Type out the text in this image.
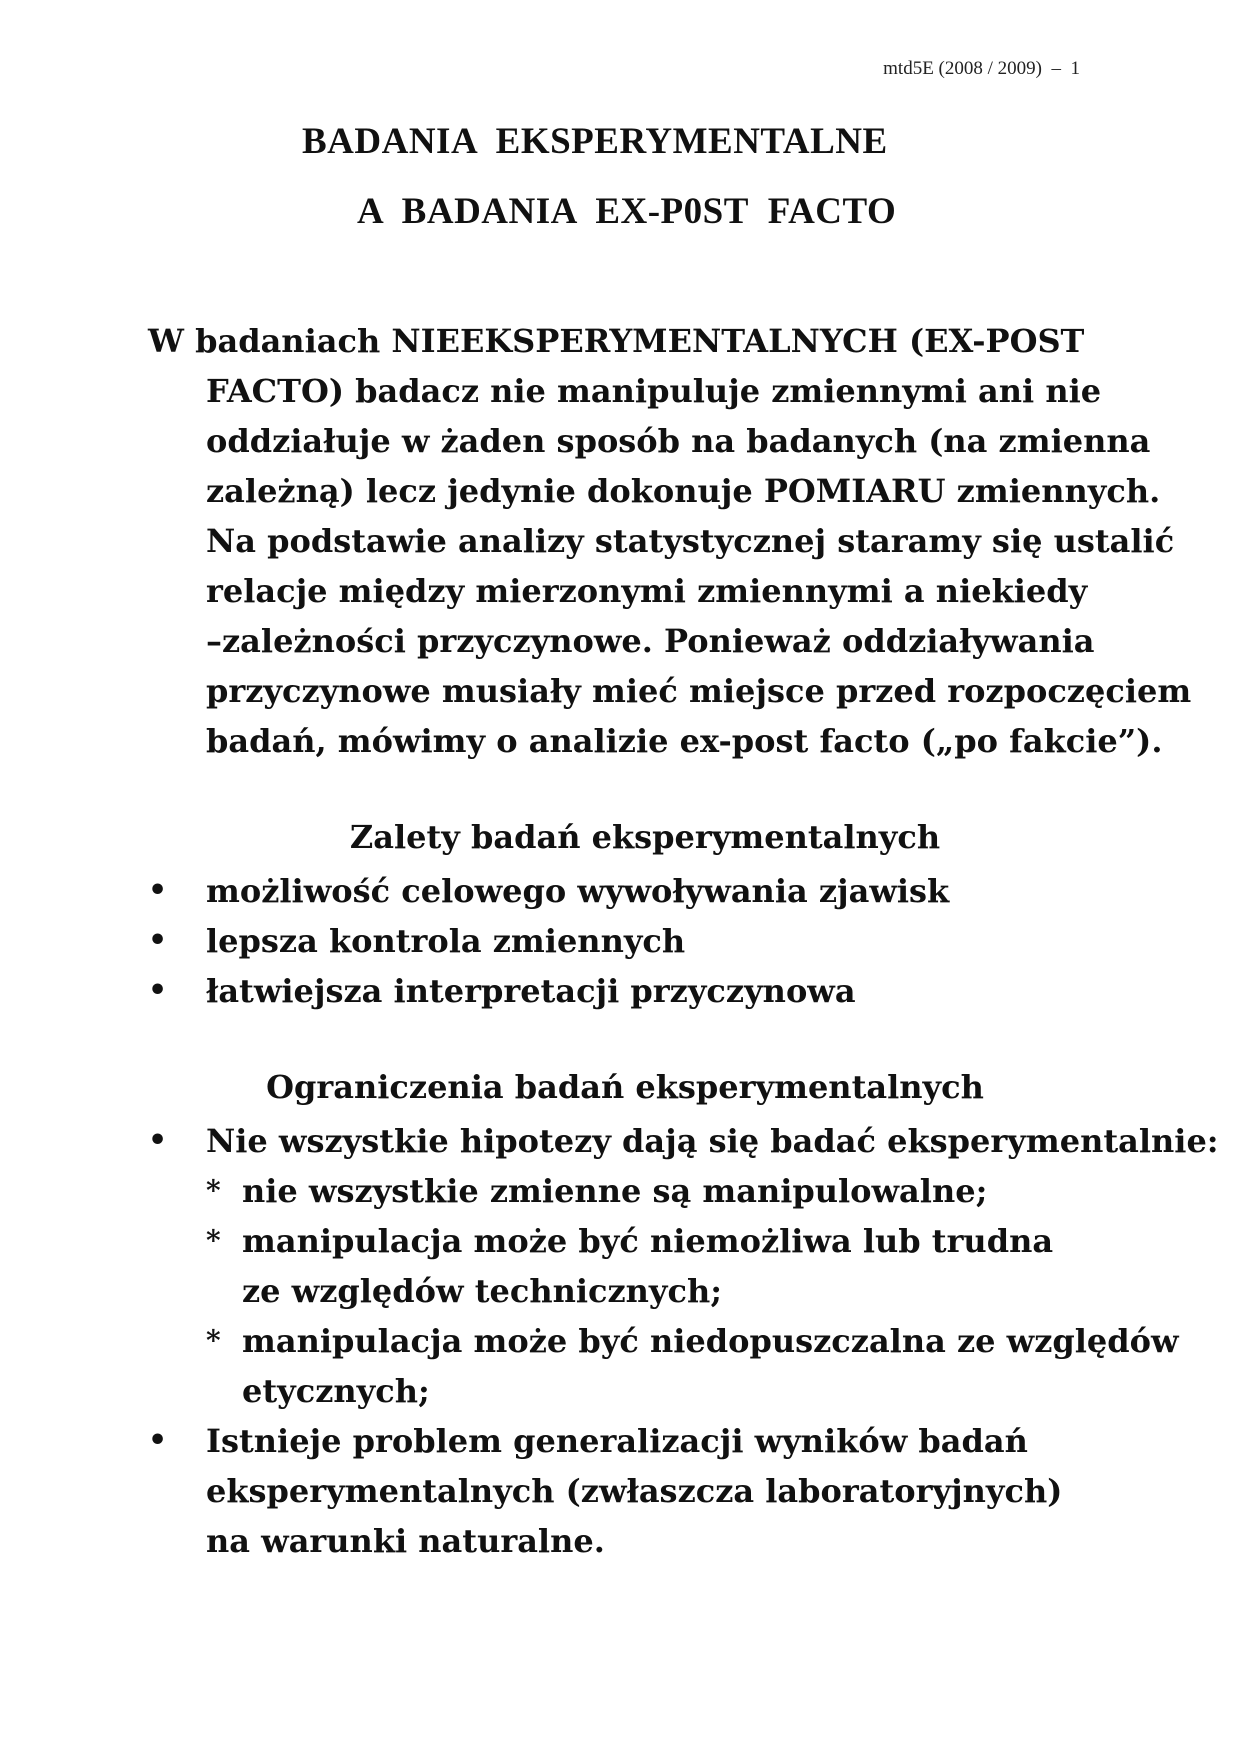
mtd5E (2008 / 2009)  –  1
BADANIA  EKSPERYMENTALNE
A  BADANIA  EX-P0ST  FACTO
W badaniach NIEEKSPERYMENTALNYCH (EX-POST
FACTO) badacz nie manipuluje zmiennymi ani nie
oddziałuje w żaden sposób na badanych (na zmienna
zależną) lecz jedynie dokonuje POMIARU zmiennych.
Na podstawie analizy statystycznej staramy się ustalić
relacje między mierzonymi zmiennymi a niekiedy
–zależności przyczynowe. Ponieważ oddziaływania
przyczynowe musiały mieć miejsce przed rozpoczęciem
badań, mówimy o analizie ex-post facto („po fakcie”).
Zalety badań eksperymentalnych
•	możliwość celowego wywoływania zjawisk
•	lepsza kontrola zmiennych
•	łatwiejsza interpretacji przyczynowa
Ograniczenia badań eksperymentalnych
•	Nie wszystkie hipotezy dają się badać eksperymentalnie:
* nie wszystkie zmienne są manipulowalne;
* manipulacja może być niemożliwa lub trudna
ze względów technicznych;
* manipulacja może być niedopuszczalna ze względów
etycznych;
•	Istnieje problem generalizacji wyników badań
eksperymentalnych (zwłaszcza laboratoryjnych)
na warunki naturalne.
